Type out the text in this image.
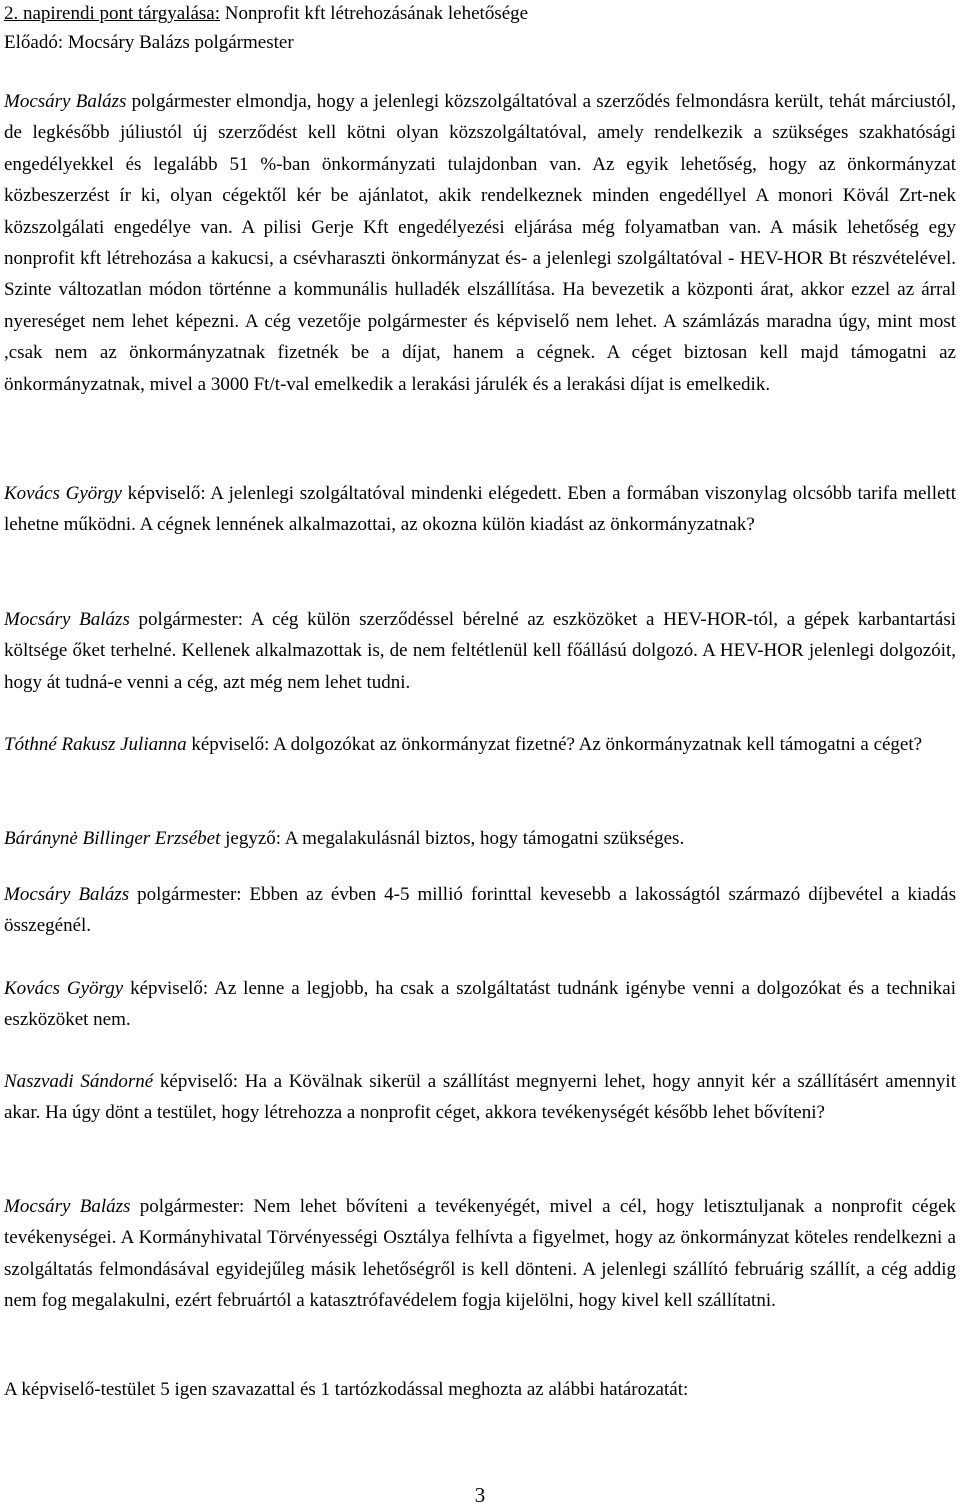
2. napirendi pont tárgyalása: Nonprofit kft létrehozásának lehetősége
Előadó: Mocsáry Balázs polgármester

Mocsáry Balázs polgármester elmondja, hogy a jelenlegi közszolgáltatóval a szerződés felmondásra került, tehát márciustól, de legkésőbb júliustól új szerződést kell kötni olyan közszolgáltatóval, amely rendelkezik a szükséges szakhatósági engedélyekkel és legalább 51 %-ban önkormányzati tulajdonban van. Az egyik lehetőség, hogy az önkormányzat közbeszerzést ír ki, olyan cégektől kér be ajánlatot, akik rendelkeznek minden engedéllyel A monori Kövál Zrt-nek közszolgálati engedélye van. A pilisi Gerje Kft engedélyezési eljárása még folyamatban van. A másik lehetőség egy nonprofit kft létrehozása a kakucsi, a csévharaszti önkormányzat és- a jelenlegi szolgáltatóval - HEV-HOR Bt részvételével. Szinte változatlan módon történne a kommunális hulladék elszállítása. Ha bevezetik a központi árat, akkor ezzel az árral nyereséget nem lehet képezni. A cég vezetője polgármester és képviselő nem lehet. A számlázás maradna úgy, mint most ,csak nem az önkormányzatnak fizetnék be a díjat, hanem a cégnek. A céget biztosan kell majd támogatni az önkormányzatnak, mivel a 3000 Ft/t-val emelkedik a lerakási járulék és a lerakási díjat is emelkedik.

Kovács György képviselő: A jelenlegi szolgáltatóval mindenki elégedett. Eben a formában viszonylag olcsóbb tarifa mellett lehetne működni. A cégnek lennének alkalmazottai, az okozna külön kiadást az önkormányzatnak?

Mocsáry Balázs polgármester: A cég külön szerződéssel bérelné az eszközöket a HEV-HOR-tól, a gépek karbantartási költsége őket terhelné. Kellenek alkalmazottak is, de nem feltétlenül kell főállású dolgozó. A HEV-HOR jelenlegi dolgozóit, hogy át tudná-e venni a cég, azt még nem lehet tudni.

Tóthné Rakusz Julianna képviselő: A dolgozókat az önkormányzat fizetné? Az önkormányzatnak kell támogatni a céget?

Báránynė Billinger Erzsébet jegyző: A megalakulásnál biztos, hogy támogatni szükséges.

Mocsáry Balázs polgármester: Ebben az évben 4-5 millió forinttal kevesebb a lakosságtól származó díjbevétel a kiadás összegénél.

Kovács György képviselő: Az lenne a legjobb, ha csak a szolgáltatást tudnánk igénybe venni a dolgozókat és a technikai eszközöket nem.

Naszvadi Sándorné képviselő: Ha a Kövälnak sikerül a szállítást megnyerni lehet, hogy annyit kér a szállításért amennyit akar. Ha úgy dönt a testület, hogy létrehozza a nonprofit céget, akkora tevékenységét később lehet bővíteni?

Mocsáry Balázs polgármester: Nem lehet bővíteni a tevékenyégét, mivel a cél, hogy letisztuljanak a nonprofit cégek tevékenységei. A Kormányhivatal Törvényességi Osztálya felhívta a figyelmet, hogy az önkormányzat köteles rendelkezni a szolgáltatás felmondásával egyidejűleg másik lehetőségről is kell dönteni. A jelenlegi szállító februárig szállít, a cég addig nem fog megalakulni, ezért februártól a katasztrófavédelem fogja kijelölni, hogy kivel kell szállítatni.

A képviselő-testület 5 igen szavazattal és 1 tartózkodással meghozta az alábbi határozatát:

3
